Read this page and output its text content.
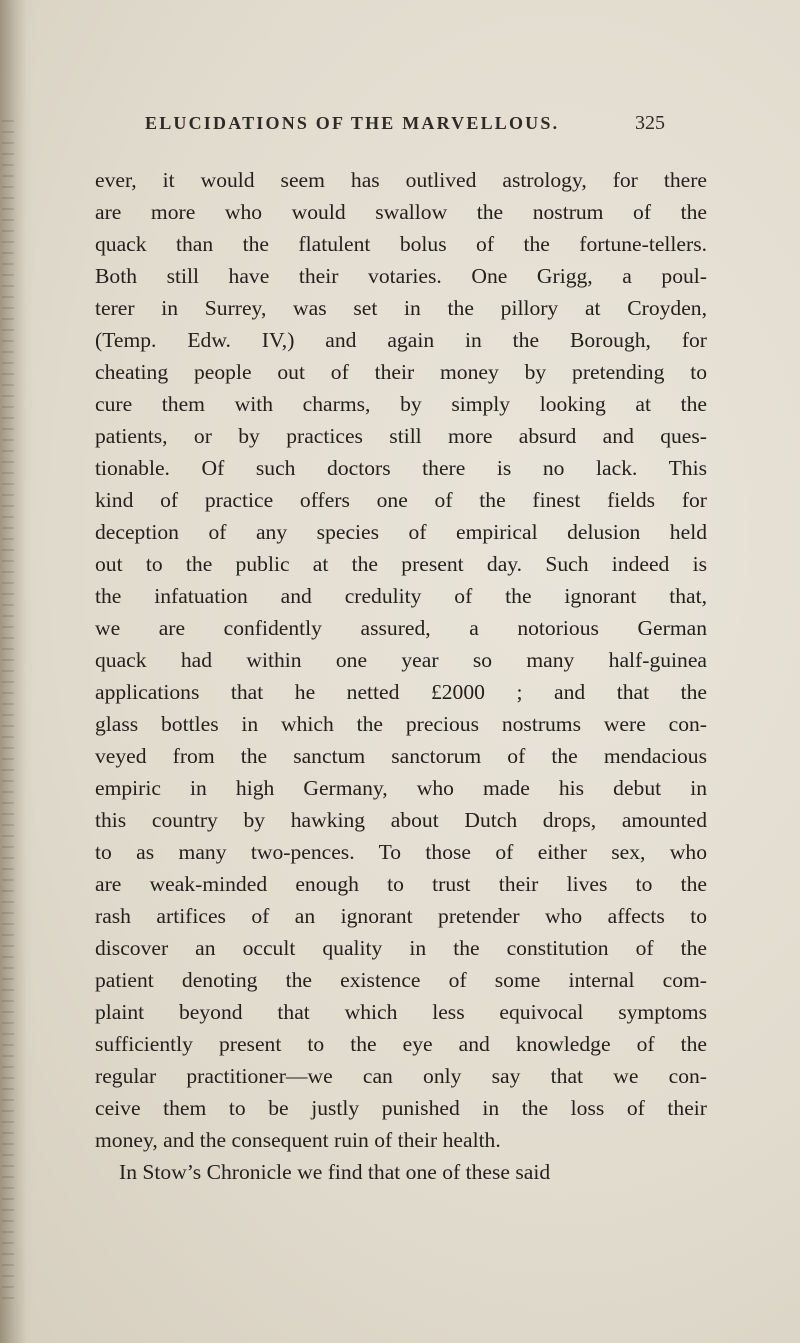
ELUCIDATIONS OF THE MARVELLOUS.	325
ever, it would seem has outlived astrology, for there
are more who would swallow the nostrum of the
quack than the flatulent bolus of the fortune-tellers.
Both still have their votaries. One Grigg, a poul-
terer in Surrey, was set in the pillory at Croyden,
(Temp. Edw. IV,) and again in the Borough, for
cheating people out of their money by pretending to
cure them with charms, by simply looking at the
patients, or by practices still more absurd and ques-
tionable. Of such doctors there is no lack. This
kind of practice offers one of the finest fields for
deception of any species of empirical delusion held
out to the public at the present day. Such indeed is
the infatuation and credulity of the ignorant that,
we are confidently assured, a notorious German
quack had within one year so many half-guinea
applications that he netted £2000 ; and that the
glass bottles in which the precious nostrums were con-
veyed from the sanctum sanctorum of the mendacious
empiric in high Germany, who made his debut in
this country by hawking about Dutch drops, amounted
to as many two-pences. To those of either sex, who
are weak-minded enough to trust their lives to the
rash artifices of an ignorant pretender who affects to
discover an occult quality in the constitution of the
patient denoting the existence of some internal com-
plaint beyond that which less equivocal symptoms
sufficiently present to the eye and knowledge of the
regular practitioner—we can only say that we con-
ceive them to be justly punished in the loss of their
money, and the consequent ruin of their health.
In Stow’s Chronicle we find that one of these said
